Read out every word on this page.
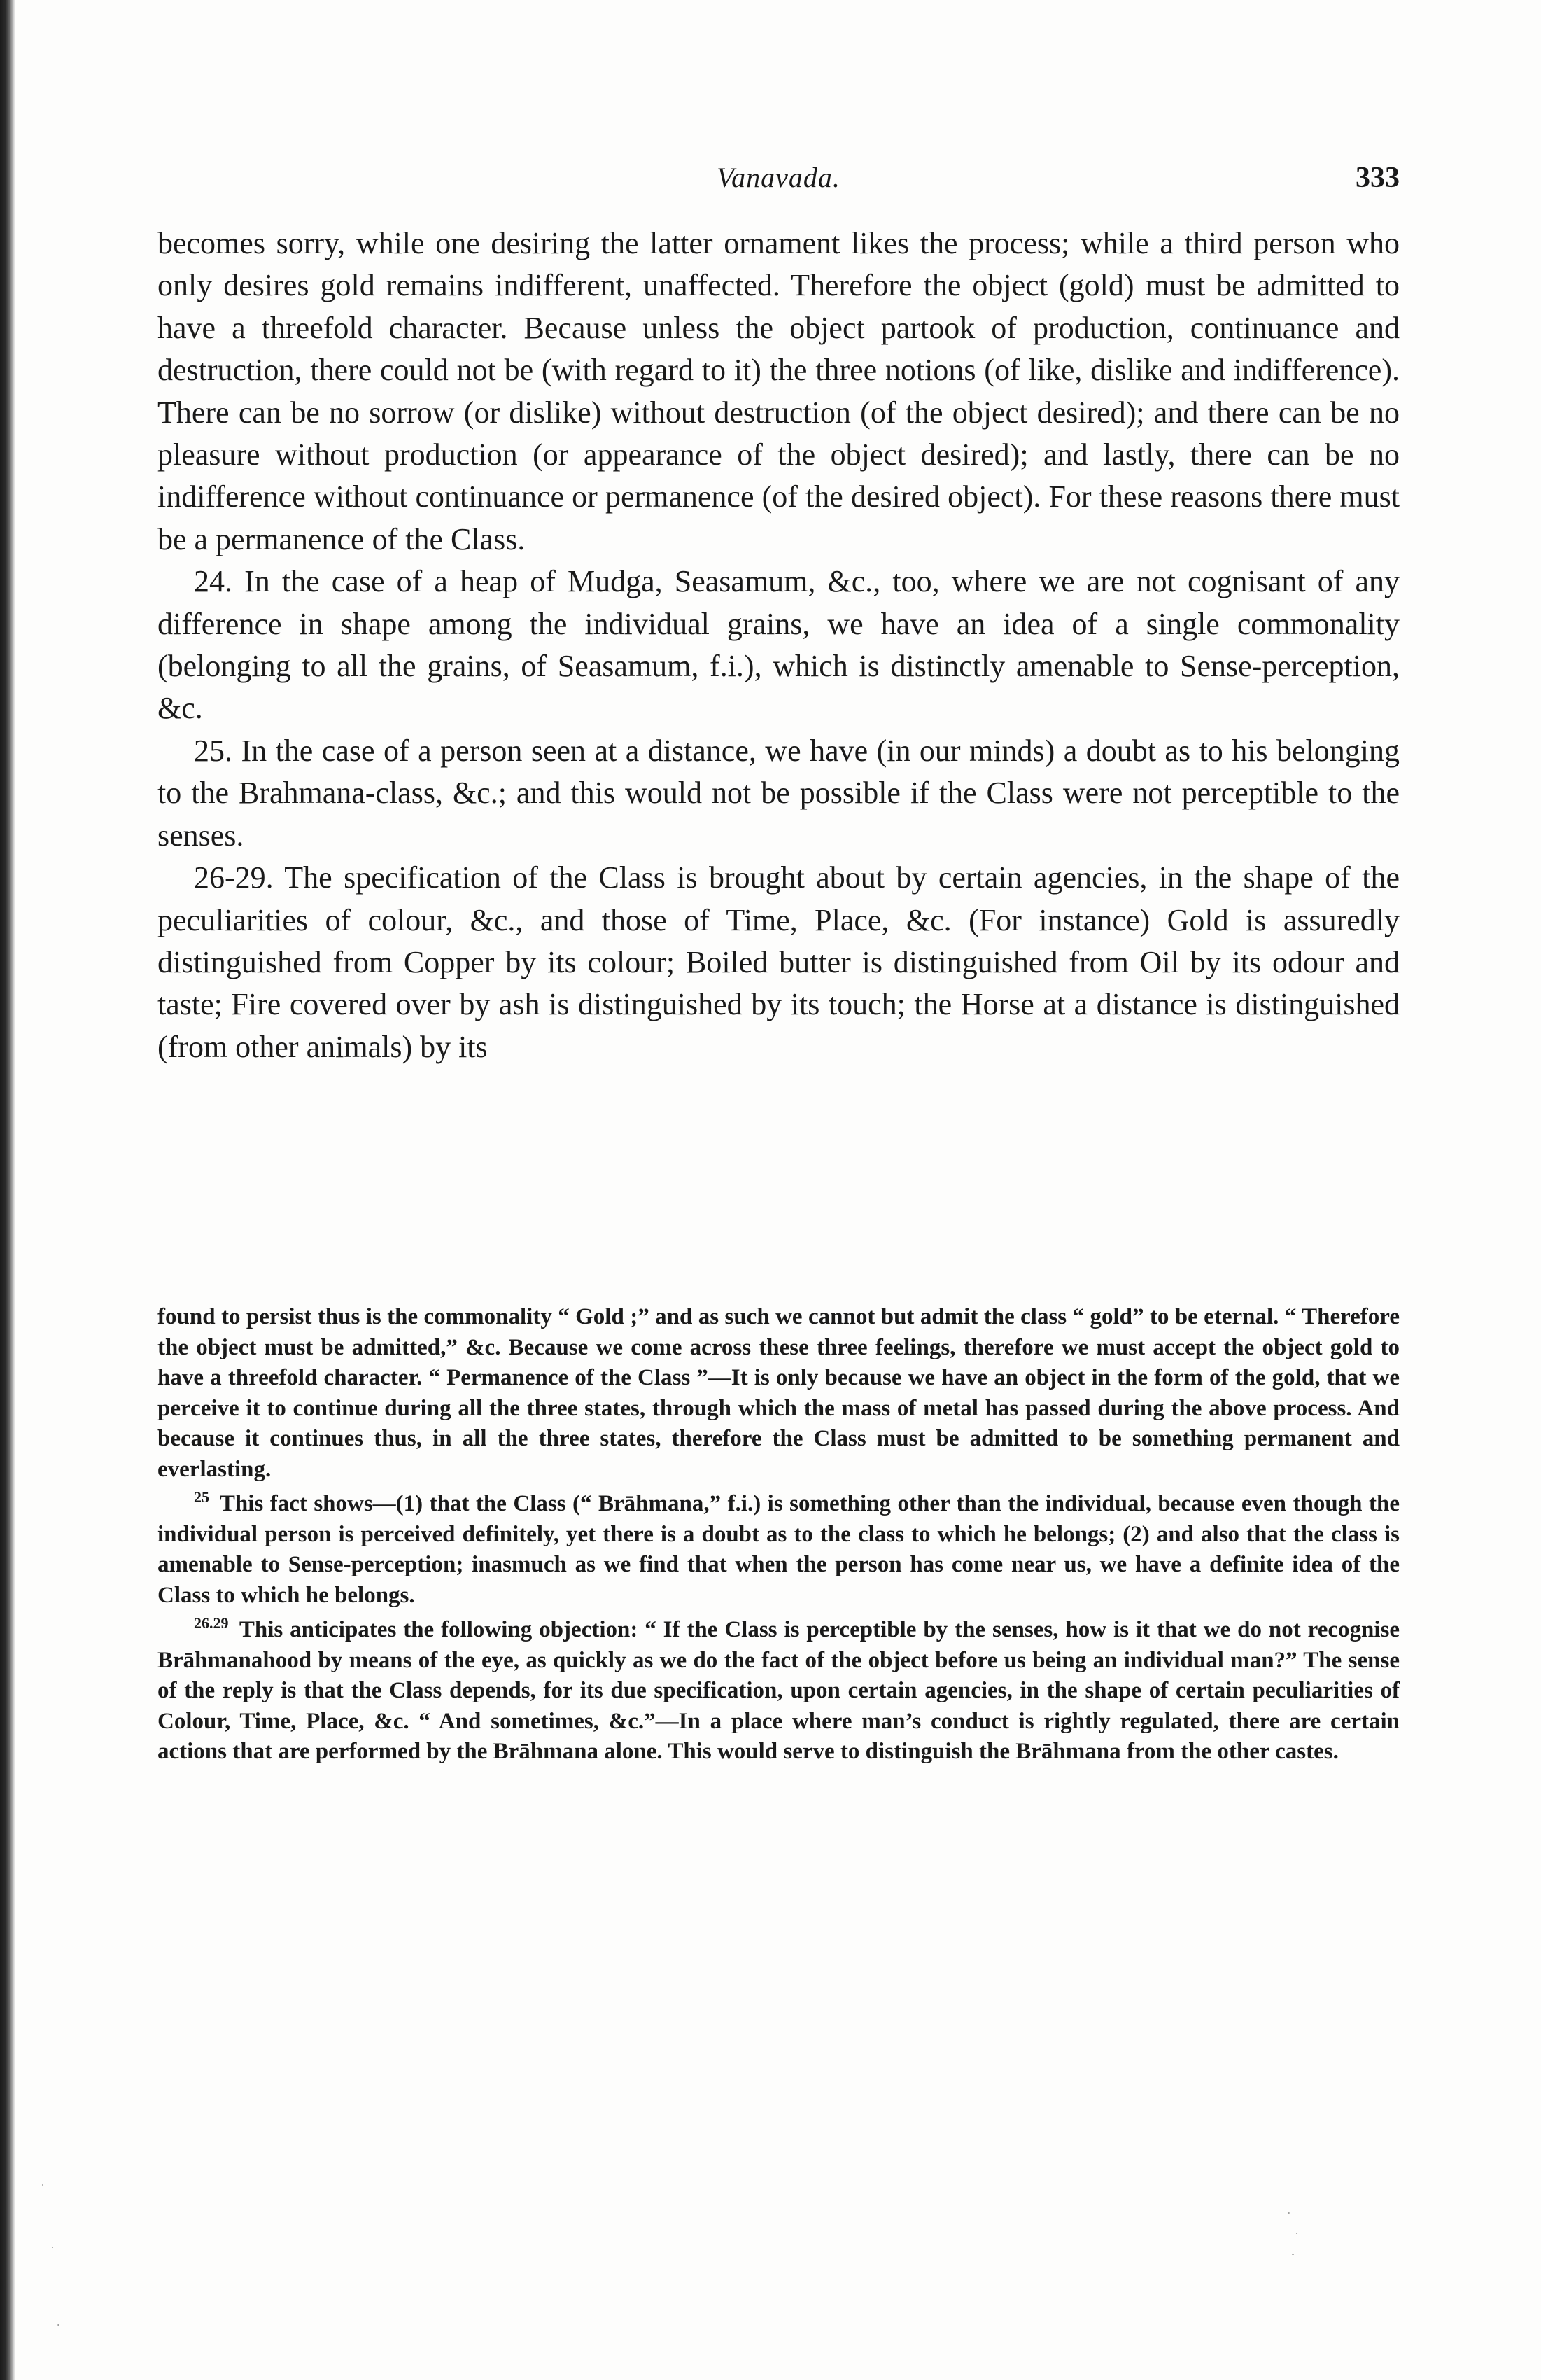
Vanavada.	333

becomes sorry, while one desiring the latter ornament likes the process; while a third person who only desires gold remains indifferent, unaffected. Therefore the object (gold) must be admitted to have a threefold character. Because unless the object partook of production, continuance and destruction, there could not be (with regard to it) the three notions (of like, dislike and indifference). There can be no sorrow (or dislike) without destruction (of the object desired); and there can be no pleasure without production (or appearance of the object desired); and lastly, there can be no indifference without continuance or permanence (of the desired object). For these reasons there must be a permanence of the Class.

24. In the case of a heap of Mudga, Seasamum, &c., too, where we are not cognisant of any difference in shape among the individual grains, we have an idea of a single commonality (belonging to all the grains, of Seasamum, f.i.), which is distinctly amenable to Sense-perception, &c.

25. In the case of a person seen at a distance, we have (in our minds) a doubt as to his belonging to the Brahmana-class, &c.; and this would not be possible if the Class were not perceptible to the senses.

26-29. The specification of the Class is brought about by certain agencies, in the shape of the peculiarities of colour, &c., and those of Time, Place, &c. (For instance) Gold is assuredly distinguished from Copper by its colour; Boiled butter is distinguished from Oil by its odour and taste; Fire covered over by ash is distinguished by its touch; the Horse at a distance is distinguished (from other animals) by its

found to persist thus is the commonality “ Gold ;” and as such we cannot but admit the class “ gold” to be eternal. “ Therefore the object must be admitted,” &c. Because we come across these three feelings, therefore we must accept the object gold to have a threefold character. “ Permanence of the Class ”—It is only because we have an object in the form of the gold, that we perceive it to continue during all the three states, through which the mass of metal has passed during the above process. And because it continues thus, in all the three states, therefore the Class must be admitted to be something permanent and everlasting.

$^{25}$ This fact shows—(1) that the Class (“ Brāhmana,” f.i.) is something other than the individual, because even though the individual person is perceived definitely, yet there is a doubt as to the class to which he belongs; (2) and also that the class is amenable to Sense-perception; inasmuch as we find that when the person has come near us, we have a definite idea of the Class to which he belongs.

$^{26.29}$ This anticipates the following objection: “ If the Class is perceptible by the senses, how is it that we do not recognise Brāhmanahood by means of the eye, as quickly as we do the fact of the object before us being an individual man?” The sense of the reply is that the Class depends, for its due specification, upon certain agencies, in the shape of certain peculiarities of Colour, Time, Place, &c. “ And sometimes, &c.”—In a place where man’s conduct is rightly regulated, there are certain actions that are performed by the Brāhmana alone. This would serve to distinguish the Brāhmana from the other castes.
